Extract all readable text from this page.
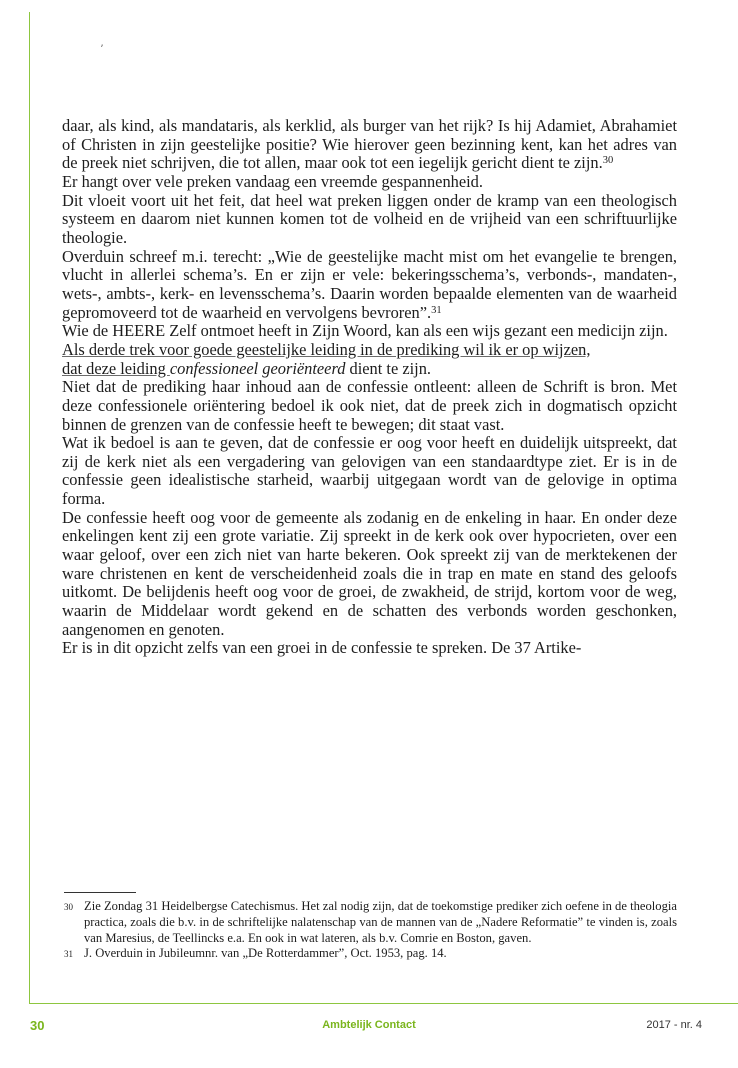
ʼ

daar, als kind, als mandataris, als kerklid, als burger van het rijk? Is hij Adamiet, Abrahamiet of Christen in zijn geestelijke positie? Wie hierover geen bezinning kent, kan het adres van de preek niet schrijven, die tot allen, maar ook tot een iegelijk gericht dient te zijn.$^{30}$

Er hangt over vele preken vandaag een vreemde gespannenheid.

Dit vloeit voort uit het feit, dat heel wat preken liggen onder de kramp van een theologisch systeem en daarom niet kunnen komen tot de volheid en de vrijheid van een schriftuurlijke theologie.

Overduin schreef m.i. terecht: „Wie de geestelijke macht mist om het evangelie te brengen, vlucht in allerlei schema’s. En er zijn er vele: bekeringsschema’s, verbonds-, mandaten-, wets-, ambts-, kerk- en levensschema’s. Daarin worden bepaalde elementen van de waarheid gepromoveerd tot de waarheid en vervolgens bevroren”.$^{31}$

Wie de HEERE Zelf ontmoet heeft in Zijn Woord, kan als een wijs gezant een medicijn zijn.

Als derde trek voor goede geestelijke leiding in de prediking wil ik er op wijzen,
dat deze leiding confessioneel georiënteerd dient te zijn.

Niet dat de prediking haar inhoud aan de confessie ontleent: alleen de Schrift is bron. Met deze confessionele oriëntering bedoel ik ook niet, dat de preek zich in dogmatisch opzicht binnen de grenzen van de confessie heeft te bewegen; dit staat vast.

Wat ik bedoel is aan te geven, dat de confessie er oog voor heeft en duidelijk uitspreekt, dat zij de kerk niet als een vergadering van gelovigen van een standaardtype ziet. Er is in de confessie geen idealistische starheid, waarbij uitgegaan wordt van de gelovige in optima forma.

De confessie heeft oog voor de gemeente als zodanig en de enkeling in haar. En onder deze enkelingen kent zij een grote variatie. Zij spreekt in de kerk ook over hypocrieten, over een waar geloof, over een zich niet van harte bekeren. Ook spreekt zij van de merktekenen der ware christenen en kent de verscheidenheid zoals die in trap en mate en stand des geloofs uitkomt. De belijdenis heeft oog voor de groei, de zwakheid, de strijd, kortom voor de weg, waarin de Middelaar wordt gekend en de schatten des verbonds worden geschonken, aangenomen en genoten.

Er is in dit opzicht zelfs van een groei in de confessie te spreken. De 37 Artike-

30 Zie Zondag 31 Heidelbergse Catechismus. Het zal nodig zijn, dat de toekomstige prediker zich oefene in de theologia practica, zoals die b.v. in de schriftelijke nalatenschap van de mannen van de „Nadere Reformatie” te vinden is, zoals van Maresius, de Teellincks e.a. En ook in wat lateren, als b.v. Comrie en Boston, gaven.
31 J. Overduin in Jubileumnr. van „De Rotterdammer”, Oct. 1953, pag. 14.
30	Ambtelijk Contact	2017 - nr. 4
